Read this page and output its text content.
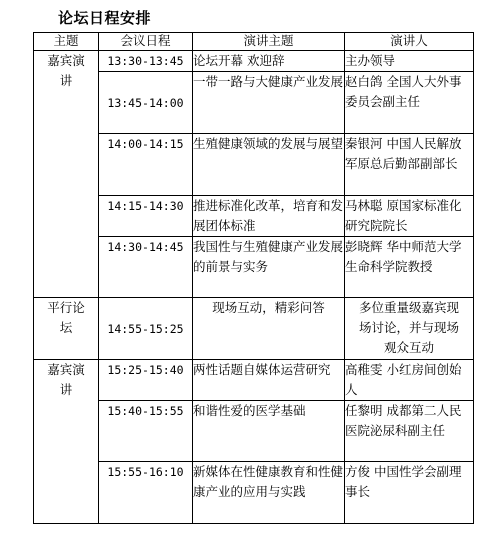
论坛日程安排
主题	会议日程	演讲主题	演讲人
嘉宾演讲	13:30-13:45	论坛开幕 欢迎辞	主办领导
	13:45-14:00	一带一路与大健康产业发展	赵白鸽 全国人大外事委员会副主任
	14:00-14:15	生殖健康领域的发展与展望	秦银河 中国人民解放军原总后勤部副部长
	14:15-14:30	推进标准化改革，培育和发展团体标准	马林聪 原国家标准化研究院院长
	14:30-14:45	我国性与生殖健康产业发展的前景与实务	彭晓辉 华中师范大学生命科学院教授
平行论坛	14:55-15:25	现场互动，精彩问答	多位重量级嘉宾现场讨论，并与现场观众互动
嘉宾演讲	15:25-15:40	两性话题自媒体运营研究	高稚雯 小红房间创始人
	15:40-15:55	和谐性爱的医学基础	任黎明 成都第二人民医院泌尿科副主任
	15:55-16:10	新媒体在性健康教育和性健康产业的应用与实践	方俊 中国性学会副理事长
